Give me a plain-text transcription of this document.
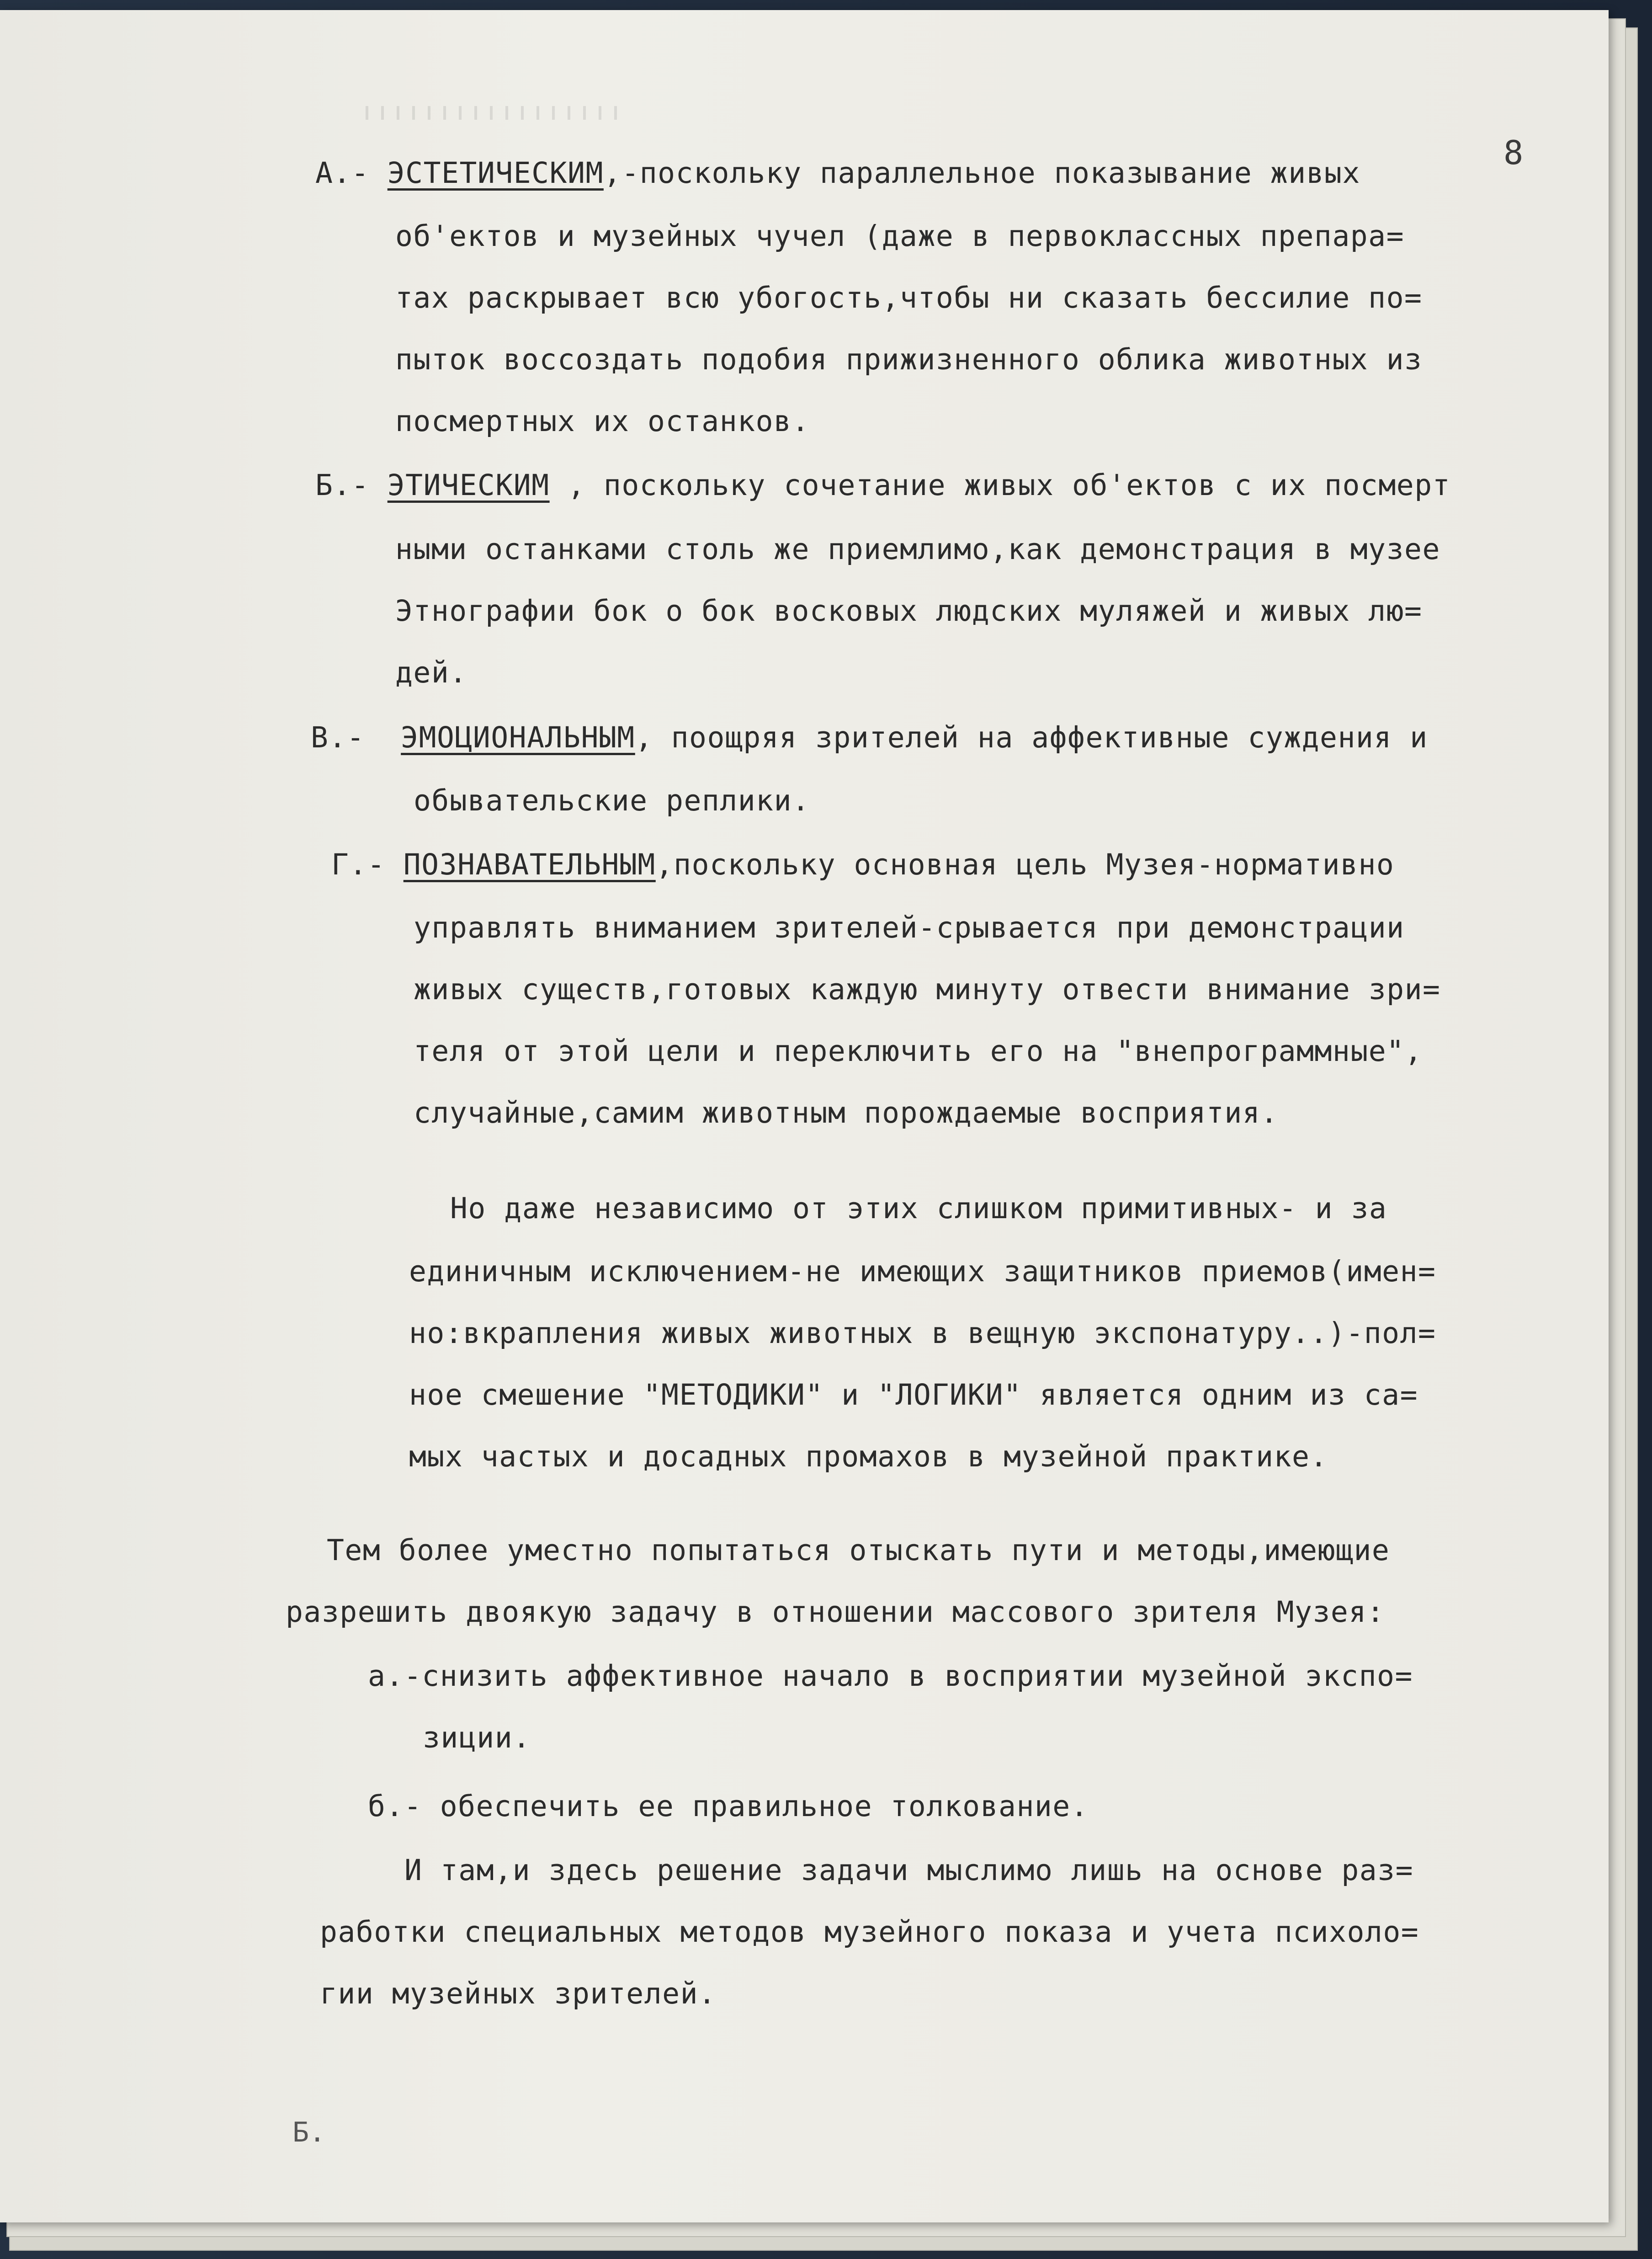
8
А.- ЭСТЕТИЧЕСКИМ,-поскольку параллельное показывание живых
об'ектов и музейных чучел (даже в первоклассных препара=
тах раскрывает всю убогость,чтобы ни сказать бессилие по=
пыток воссоздать подобия прижизненного облика животных из
посмертных их останков.
Б.- ЭТИЧЕСКИМ , поскольку сочетание живых об'ектов с их посмерт
ными останками столь же приемлимо,как демонстрация в музее
Этнографии бок о бок восковых людских муляжей и живых лю=
дей.
В.- ЭМОЦИОНАЛЬНЫМ, поощряя зрителей на аффективные суждения и
обывательские реплики.
Г.- ПОЗНАВАТЕЛЬНЫМ,поскольку основная цель Музея-нормативно
управлять вниманием зрителей-срывается при демонстрации
живых существ,готовых каждую минуту отвести внимание зри=
теля от этой цели и переключить его на "внепрограммные",
случайные,самим животным порождаемые восприятия.
Но даже независимо от этих слишком примитивных- и за
единичным исключением-не имеющих защитников приемов(имен=
но:вкрапления живых животных в вещную экспонатуру..)-пол=
ное смешение "МЕТОДИКИ" и "ЛОГИКИ" является одним из са=
мых частых и досадных промахов в музейной практике.
Тем более уместно попытаться отыскать пути и методы,имеющие
разрешить двоякую задачу в отношении массового зрителя Музея:
а.-снизить аффективное начало в восприятии музейной экспо=
зиции.
б.- обеспечить ее правильное толкование.
И там,и здесь решение задачи мыслимо лишь на основе раз=
работки специальных методов музейного показа и учета психоло=
гии музейных зрителей.
Б.
